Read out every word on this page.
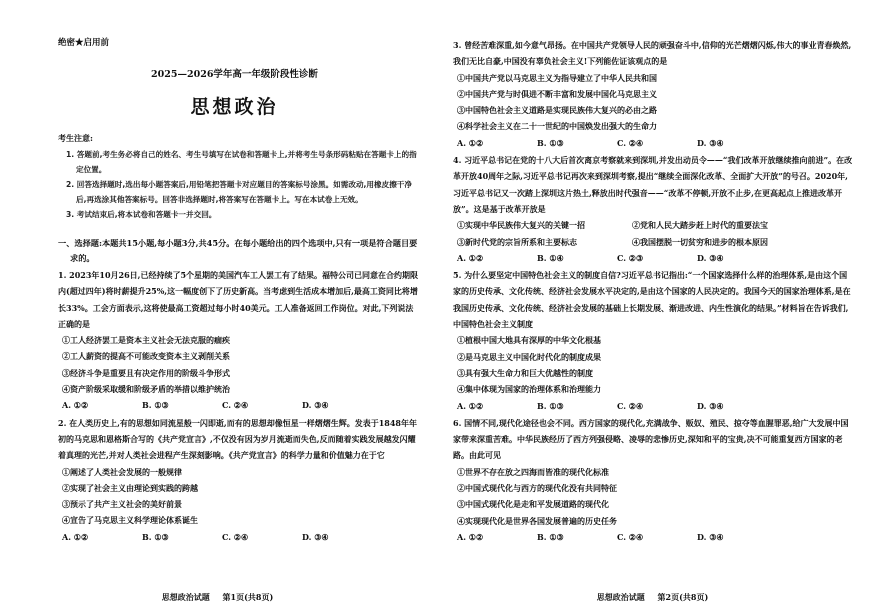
绝密★启用前
2025—2026学年高一年级阶段性诊断
思想政治
考生注意:
1. 答题前,考生务必将自己的姓名、考生号填写在试卷和答题卡上,并将考生号条形码粘贴在答题卡上的指定位置。
2. 回答选择题时,选出每小题答案后,用铅笔把答题卡对应题目的答案标号涂黑。如需改动,用橡皮擦干净后,再选涂其他答案标号。回答非选择题时,将答案写在答题卡上。写在本试卷上无效。
3. 考试结束后,将本试卷和答题卡一并交回。
一、选择题:本题共15小题,每小题3分,共45分。在每小题给出的四个选项中,只有一项是符合题目要求的。
1. 2023年10月26日,已经持续了5个星期的美国汽车工人罢工有了结果。福特公司已同意在合约期限内(超过四年)将时薪提升25%,这一幅度创下了历史新高。当考虑到生活成本增加后,最高工资同比将增长33%。工会方面表示,这将使最高工资超过每小时40美元。工人准备返回工作岗位。对此,下列说法正确的是
①工人经济罢工是资本主义社会无法克服的痼疾
②工人薪资的提高不可能改变资本主义剥削关系
③经济斗争是重要且有决定作用的阶级斗争形式
④资产阶级采取缓和阶级矛盾的举措以维护统治
A. ①②	B. ①③	C. ②④	D. ③④
2. 在人类历史上,有的思想如同流星般一闪即逝,而有的思想却像恒星一样熠熠生辉。发表于1848年年初的马克思和恩格斯合写的《共产党宣言》,不仅没有因为岁月流逝而失色,反而随着实践发展越发闪耀着真理的光芒,并对人类社会进程产生深刻影响。《共产党宣言》的科学力量和价值魅力在于它
①阐述了人类社会发展的一般规律
②实现了社会主义由理论到实践的跨越
③预示了共产主义社会的美好前景
④宣告了马克思主义科学理论体系诞生
A. ①②	B. ①③	C. ②④	D. ③④
思想政治试题 第1页(共8页)
3. 曾经苦难深重,如今意气昂扬。在中国共产党领导人民的顽强奋斗中,信仰的光芒熠熠闪烁,伟大的事业青春焕然,我们无比自豪,中国没有辜负社会主义!下列能佐证该观点的是
①中国共产党以马克思主义为指导建立了中华人民共和国
②中国共产党与时俱进不断丰富和发展中国化马克思主义
③中国特色社会主义道路是实现民族伟大复兴的必由之路
④科学社会主义在二十一世纪的中国焕发出强大的生命力
A. ①②	B. ①③	C. ②④	D. ③④
4. 习近平总书记在党的十八大后首次离京考察就来到深圳,并发出动员令——“我们改革开放继续推向前进”。在改革开放40周年之际,习近平总书记再次来到深圳考察,提出“继续全面深化改革、全面扩大开放”的号召。2020年,习近平总书记又一次踏上深圳这片热土,释放出时代强音——“改革不停顿,开放不止步,在更高起点上推进改革开放”。这是基于改革开放是
①实现中华民族伟大复兴的关键一招	②党和人民大踏步赶上时代的重要法宝
③新时代党的宗旨所系和主要标志	④我国摆脱一切贫穷和进步的根本原因
A. ①②	B. ①④	C. ②③	D. ③④
5. 为什么要坚定中国特色社会主义的制度自信?习近平总书记指出:“一个国家选择什么样的治理体系,是由这个国家的历史传承、文化传统、经济社会发展水平决定的,是由这个国家的人民决定的。我国今天的国家治理体系,是在我国历史传承、文化传统、经济社会发展的基础上长期发展、渐进改进、内生性演化的结果。”材料旨在告诉我们,中国特色社会主义制度
①植根中国大地具有深厚的中华文化根基
②是马克思主义中国化时代化的制度成果
③具有强大生命力和巨大优越性的制度
④集中体现为国家的治理体系和治理能力
A. ①②	B. ①③	C. ②④	D. ③④
6. 国情不同,现代化途径也会不同。西方国家的现代化,充满战争、贩奴、殖民、掠夺等血腥罪恶,给广大发展中国家带来深重苦难。中华民族经历了西方列强侵略、凌辱的悲惨历史,深知和平的宝贵,决不可能重复西方国家的老路。由此可见
①世界不存在放之四海而皆准的现代化标准
②中国式现代化与西方的现代化没有共同特征
③中国式现代化是走和平发展道路的现代化
④实现现代化是世界各国发展普遍的历史任务
A. ①②	B. ①③	C. ②④	D. ③④
思想政治试题 第2页(共8页)
